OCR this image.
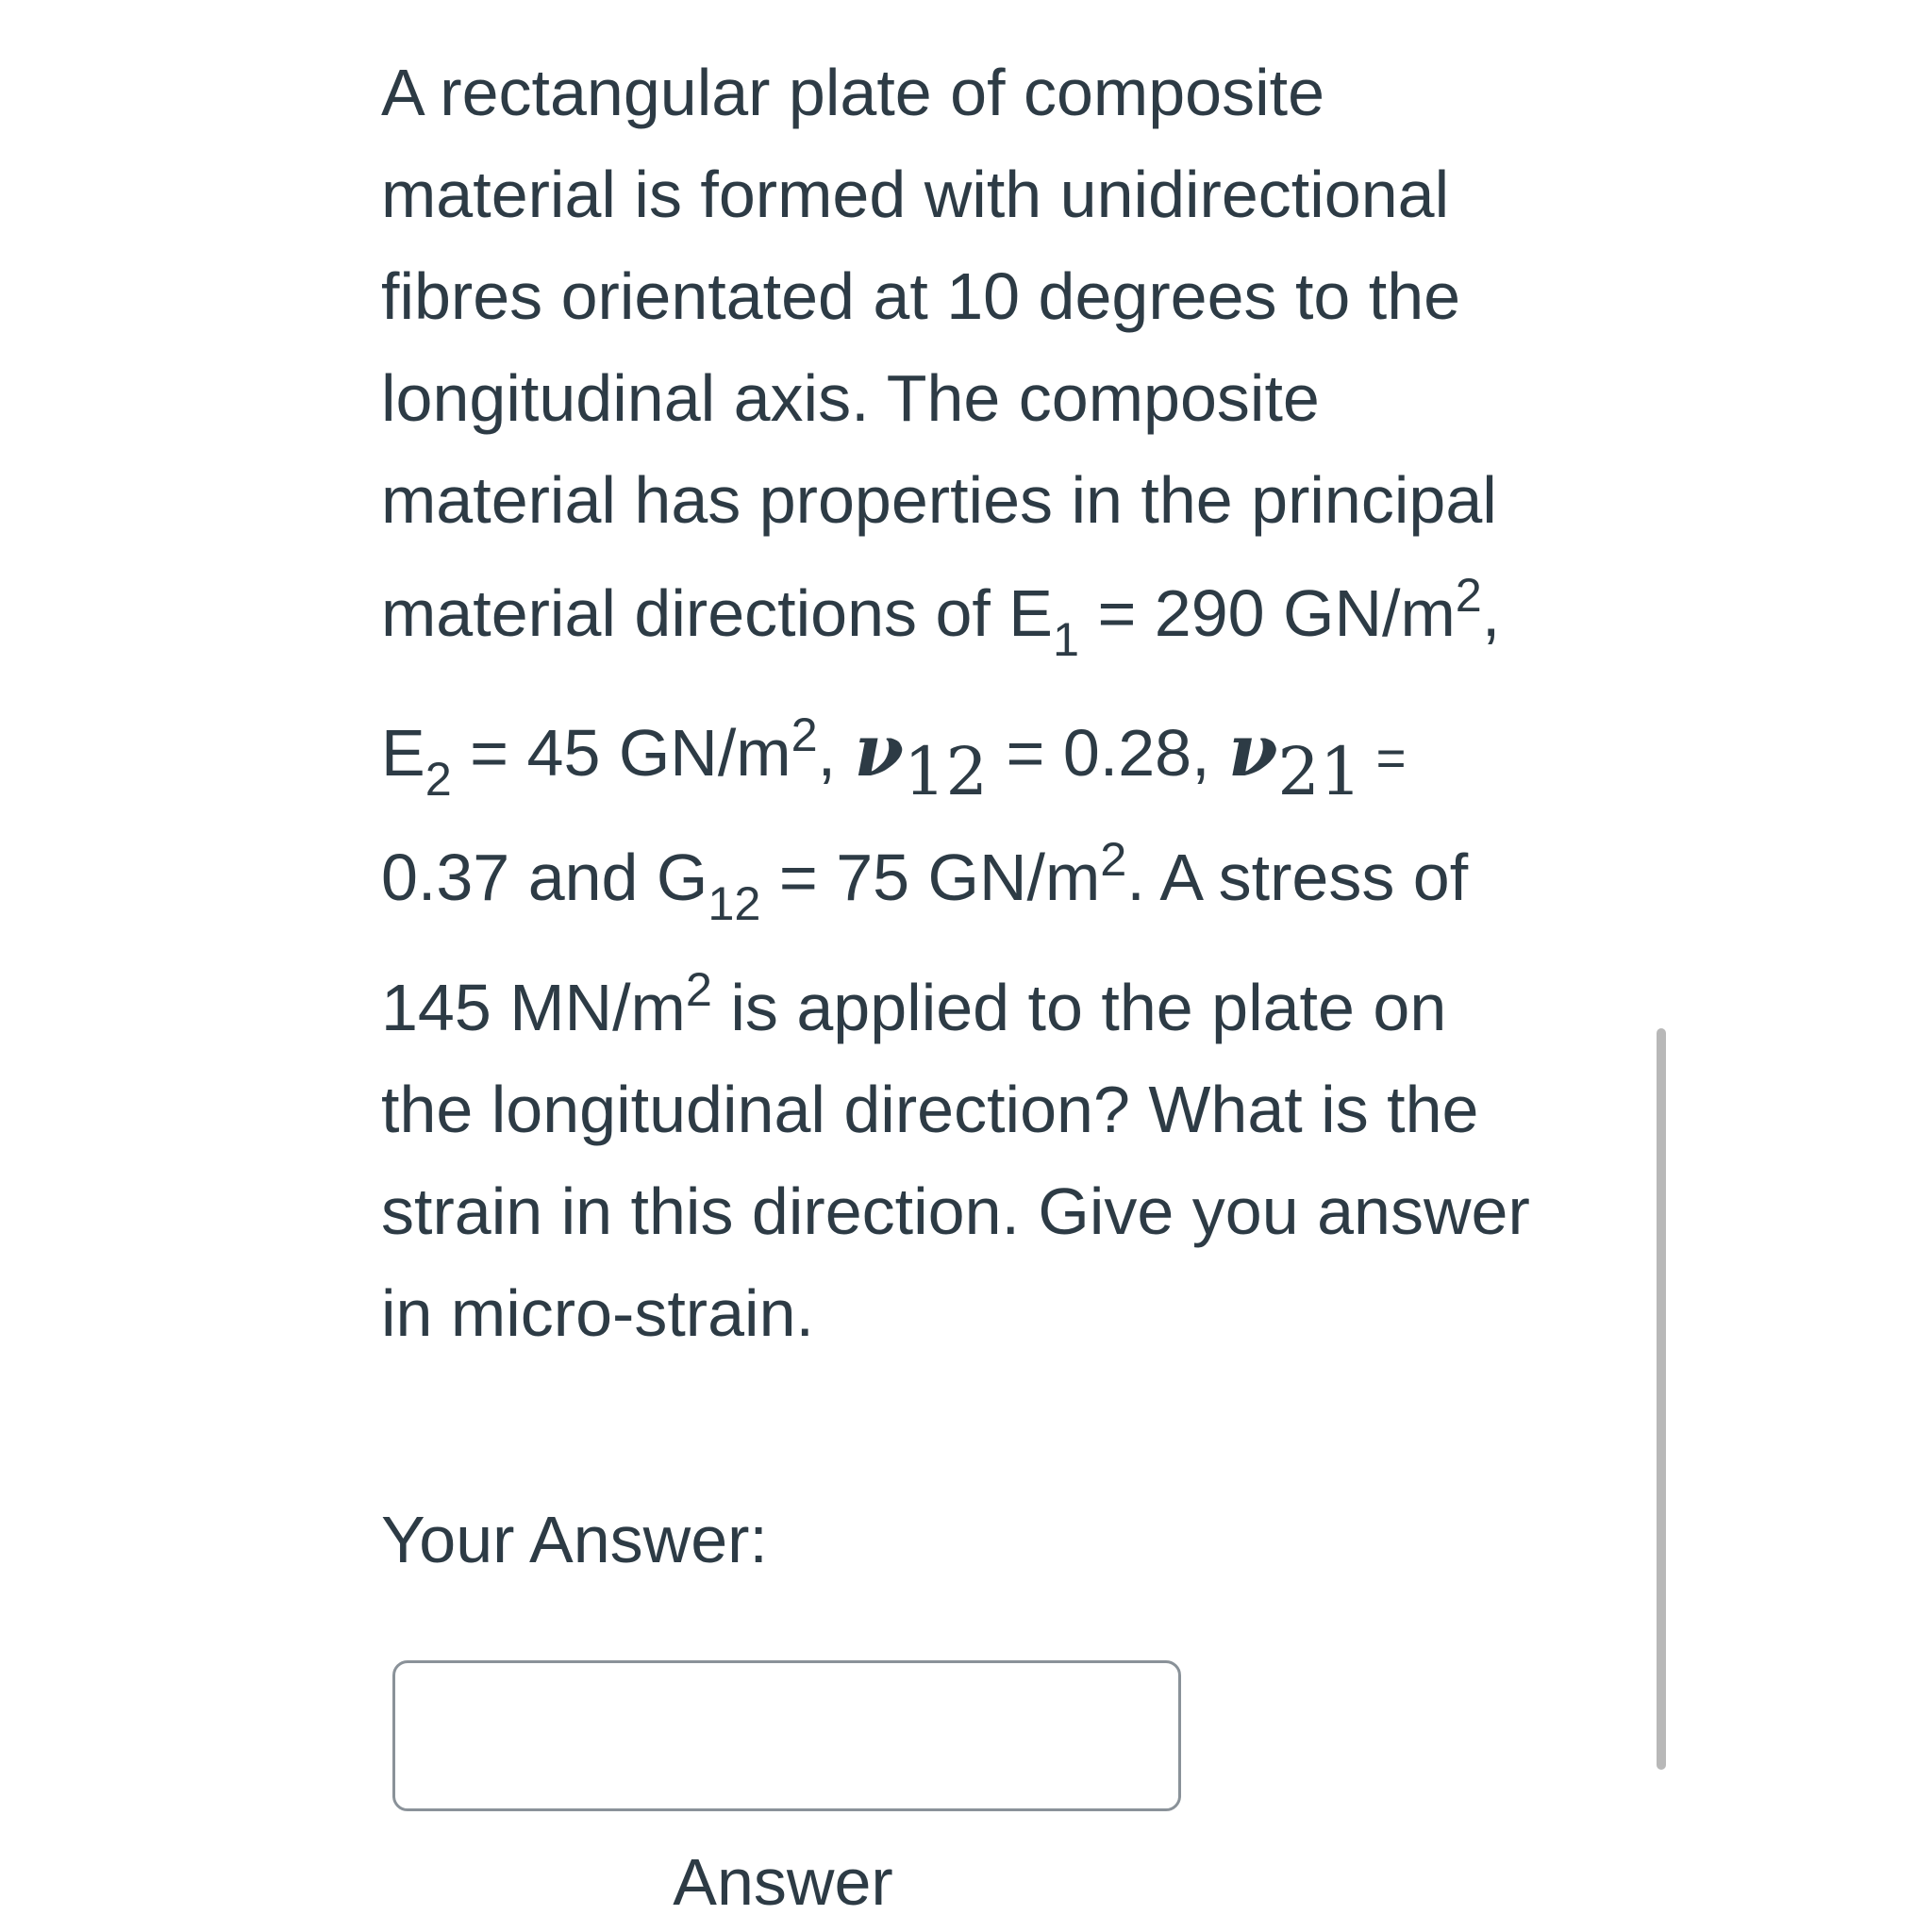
A rectangular plate of composite
material is formed with unidirectional
fibres orientated at 10 degrees to the
longitudinal axis. The composite
material has properties in the principal
material directions of $E_1 = 290$ $GN/m^2$,
$E_2 = 45$ $GN/m^2$, ν12 = 0.28, ν21 =
0.37 and $G_{12} = 75$ $GN/m^2$. A stress of
145 $MN/m^2$ is applied to the plate on
the longitudinal direction? What is the
strain in this direction. Give you answer
in micro-strain.
Your Answer:
Answer
